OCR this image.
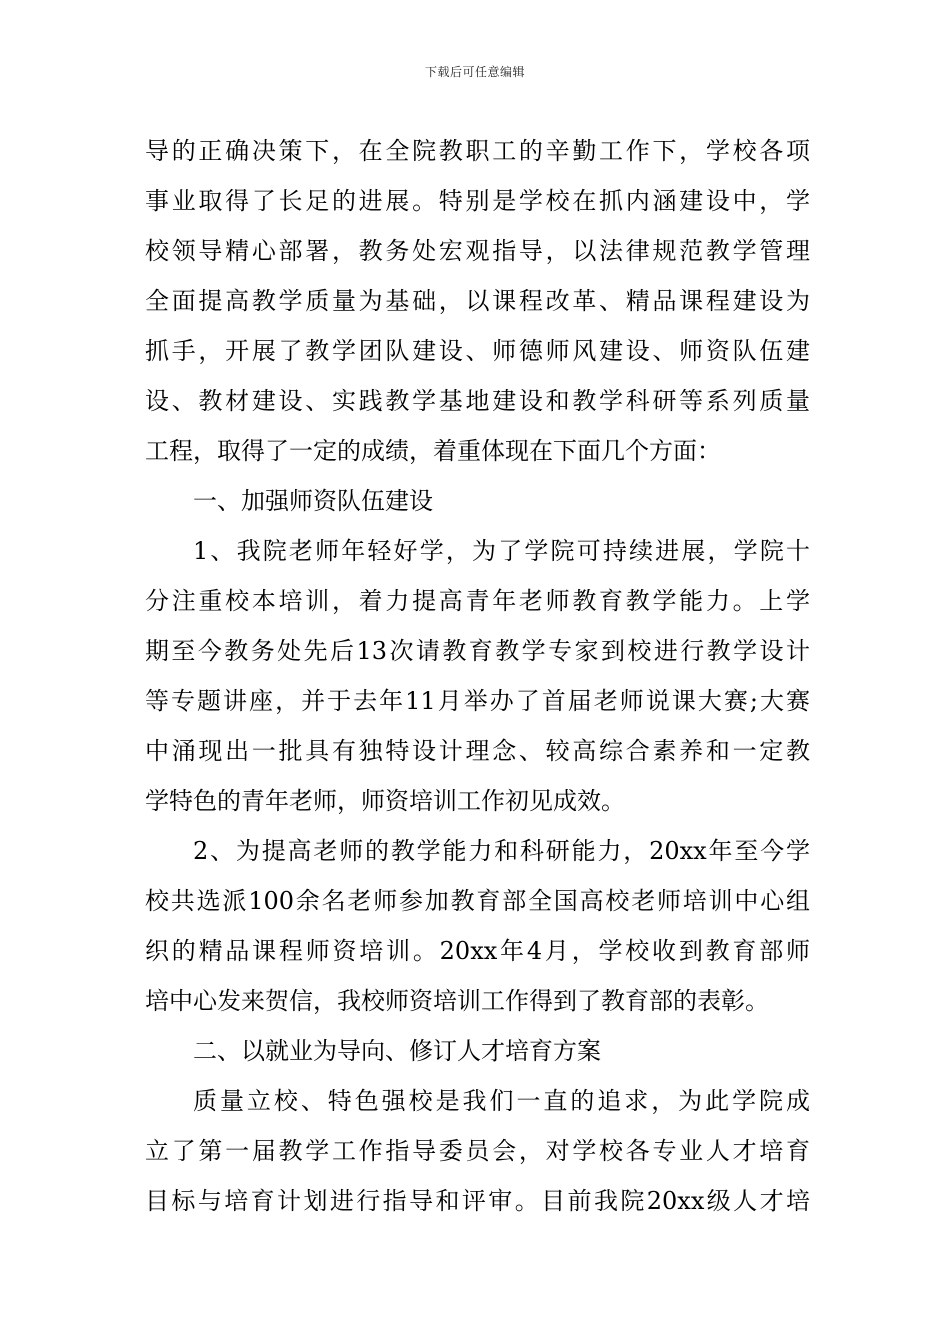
下载后可任意编辑
导的正确决策下，在全院教职工的辛勤工作下，学校各项
事业取得了长足的进展。特别是学校在抓内涵建设中，学
校领导精心部署，教务处宏观指导，以法律规范教学管理
全面提高教学质量为基础，以课程改革、精品课程建设为
抓手，开展了教学团队建设、师德师风建设、师资队伍建
设、教材建设、实践教学基地建设和教学科研等系列质量
工程，取得了一定的成绩，着重体现在下面几个方面：
一、加强师资队伍建设
1、我院老师年轻好学，为了学院可持续进展，学院十
分注重校本培训，着力提高青年老师教育教学能力。上学
期至今教务处先后13次请教育教学专家到校进行教学设计
等专题讲座，并于去年11月举办了首届老师说课大赛;大赛
中涌现出一批具有独特设计理念、较高综合素养和一定教
学特色的青年老师，师资培训工作初见成效。
2、为提高老师的教学能力和科研能力，20xx年至今学
校共选派100余名老师参加教育部全国高校老师培训中心组
织的精品课程师资培训。20xx年4月，学校收到教育部师
培中心发来贺信，我校师资培训工作得到了教育部的表彰。
二、以就业为导向、修订人才培育方案
质量立校、特色强校是我们一直的追求，为此学院成
立了第一届教学工作指导委员会，对学校各专业人才培育
目标与培育计划进行指导和评审。目前我院20xx级人才培
